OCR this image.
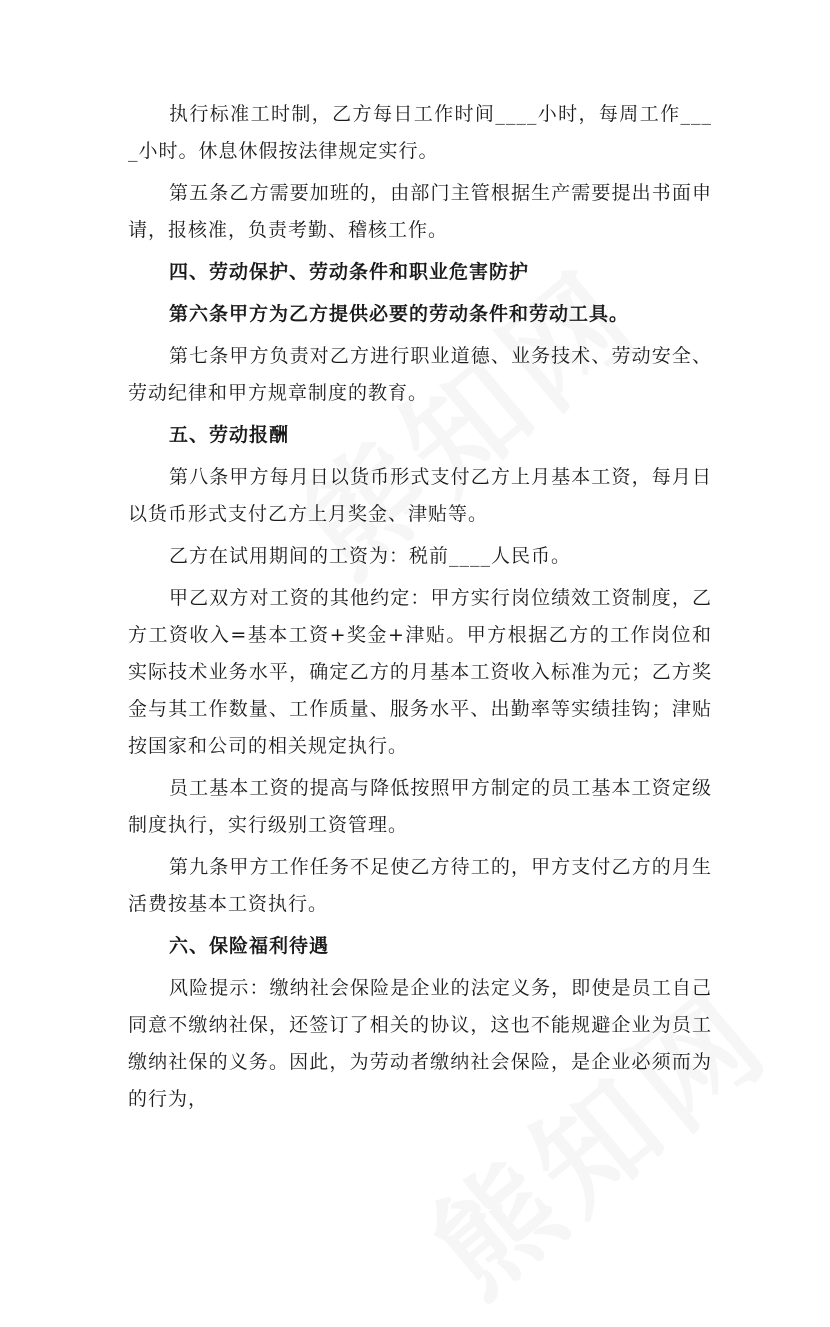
执行标准工时制，乙方每日工作时间____小时，每周工作____小时。休息休假按法律规定实行。

第五条乙方需要加班的，由部门主管根据生产需要提出书面申请，报核准，负责考勤、稽核工作。

四、劳动保护、劳动条件和职业危害防护

第六条甲方为乙方提供必要的劳动条件和劳动工具。

第七条甲方负责对乙方进行职业道德、业务技术、劳动安全、劳动纪律和甲方规章制度的教育。

五、劳动报酬

第八条甲方每月日以货币形式支付乙方上月基本工资，每月日以货币形式支付乙方上月奖金、津贴等。

乙方在试用期间的工资为：税前____人民币。

甲乙双方对工资的其他约定：甲方实行岗位绩效工资制度，乙方工资收入=基本工资+奖金+津贴。甲方根据乙方的工作岗位和实际技术业务水平，确定乙方的月基本工资收入标准为元；乙方奖金与其工作数量、工作质量、服务水平、出勤率等实绩挂钩；津贴按国家和公司的相关规定执行。

员工基本工资的提高与降低按照甲方制定的员工基本工资定级制度执行，实行级别工资管理。

第九条甲方工作任务不足使乙方待工的，甲方支付乙方的月生活费按基本工资执行。

六、保险福利待遇

风险提示：缴纳社会保险是企业的法定义务，即使是员工自己同意不缴纳社保，还签订了相关的协议，这也不能规避企业为员工缴纳社保的义务。因此，为劳动者缴纳社会保险，是企业必须而为的行为，
